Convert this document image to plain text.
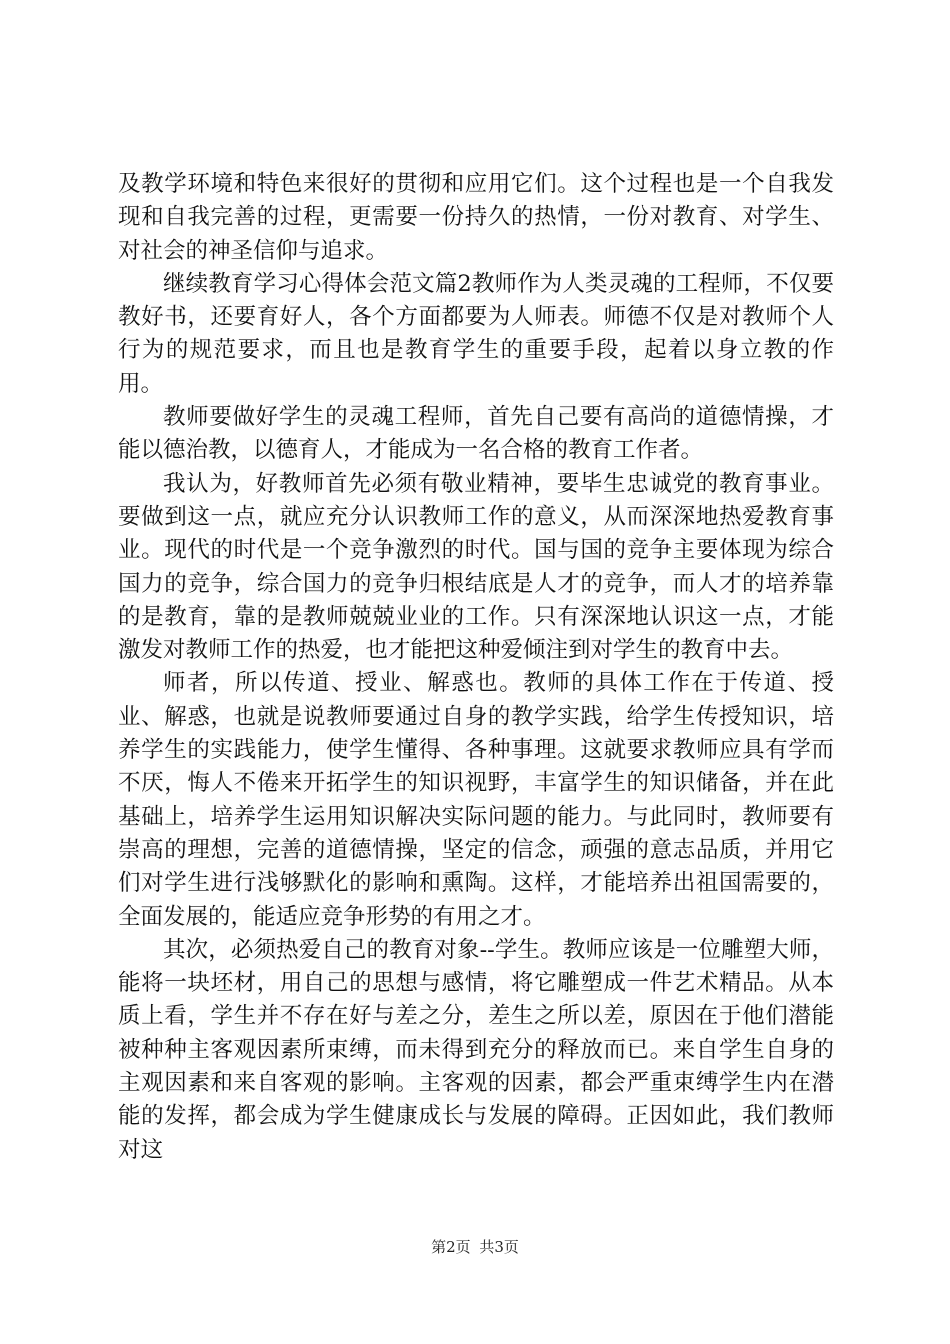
及教学环境和特色来很好的贯彻和应用它们。这个过程也是一个自我发现和自我完善的过程，更需要一份持久的热情，一份对教育、对学生、对社会的神圣信仰与追求。

继续教育学习心得体会范文篇2教师作为人类灵魂的工程师，不仅要教好书，还要育好人，各个方面都要为人师表。师德不仅是对教师个人行为的规范要求，而且也是教育学生的重要手段，起着以身立教的作用。

教师要做好学生的灵魂工程师，首先自己要有高尚的道德情操，才能以德治教，以德育人，才能成为一名合格的教育工作者。

我认为，好教师首先必须有敬业精神，要毕生忠诚党的教育事业。要做到这一点，就应充分认识教师工作的意义，从而深深地热爱教育事业。现代的时代是一个竞争激烈的时代。国与国的竞争主要体现为综合国力的竞争，综合国力的竞争归根结底是人才的竞争，而人才的培养靠的是教育，靠的是教师兢兢业业的工作。只有深深地认识这一点，才能激发对教师工作的热爱，也才能把这种爱倾注到对学生的教育中去。

师者，所以传道、授业、解惑也。教师的具体工作在于传道、授业、解惑，也就是说教师要通过自身的教学实践，给学生传授知识，培养学生的实践能力，使学生懂得、各种事理。这就要求教师应具有学而不厌，悔人不倦来开拓学生的知识视野，丰富学生的知识储备，并在此基础上，培养学生运用知识解决实际问题的能力。与此同时，教师要有崇高的理想，完善的道德情操，坚定的信念，顽强的意志品质，并用它们对学生进行浅够默化的影响和熏陶。这样，才能培养出祖国需要的，全面发展的，能适应竞争形势的有用之才。

其次，必须热爱自己的教育对象--学生。教师应该是一位雕塑大师，能将一块坯材，用自己的思想与感情，将它雕塑成一件艺术精品。从本质上看，学生并不存在好与差之分，差生之所以差，原因在于他们潜能被种种主客观因素所束缚，而未得到充分的释放而已。来自学生自身的主观因素和来自客观的影响。主客观的因素，都会严重束缚学生内在潜能的发挥，都会成为学生健康成长与发展的障碍。正因如此，我们教师对这

第2页 共3页
